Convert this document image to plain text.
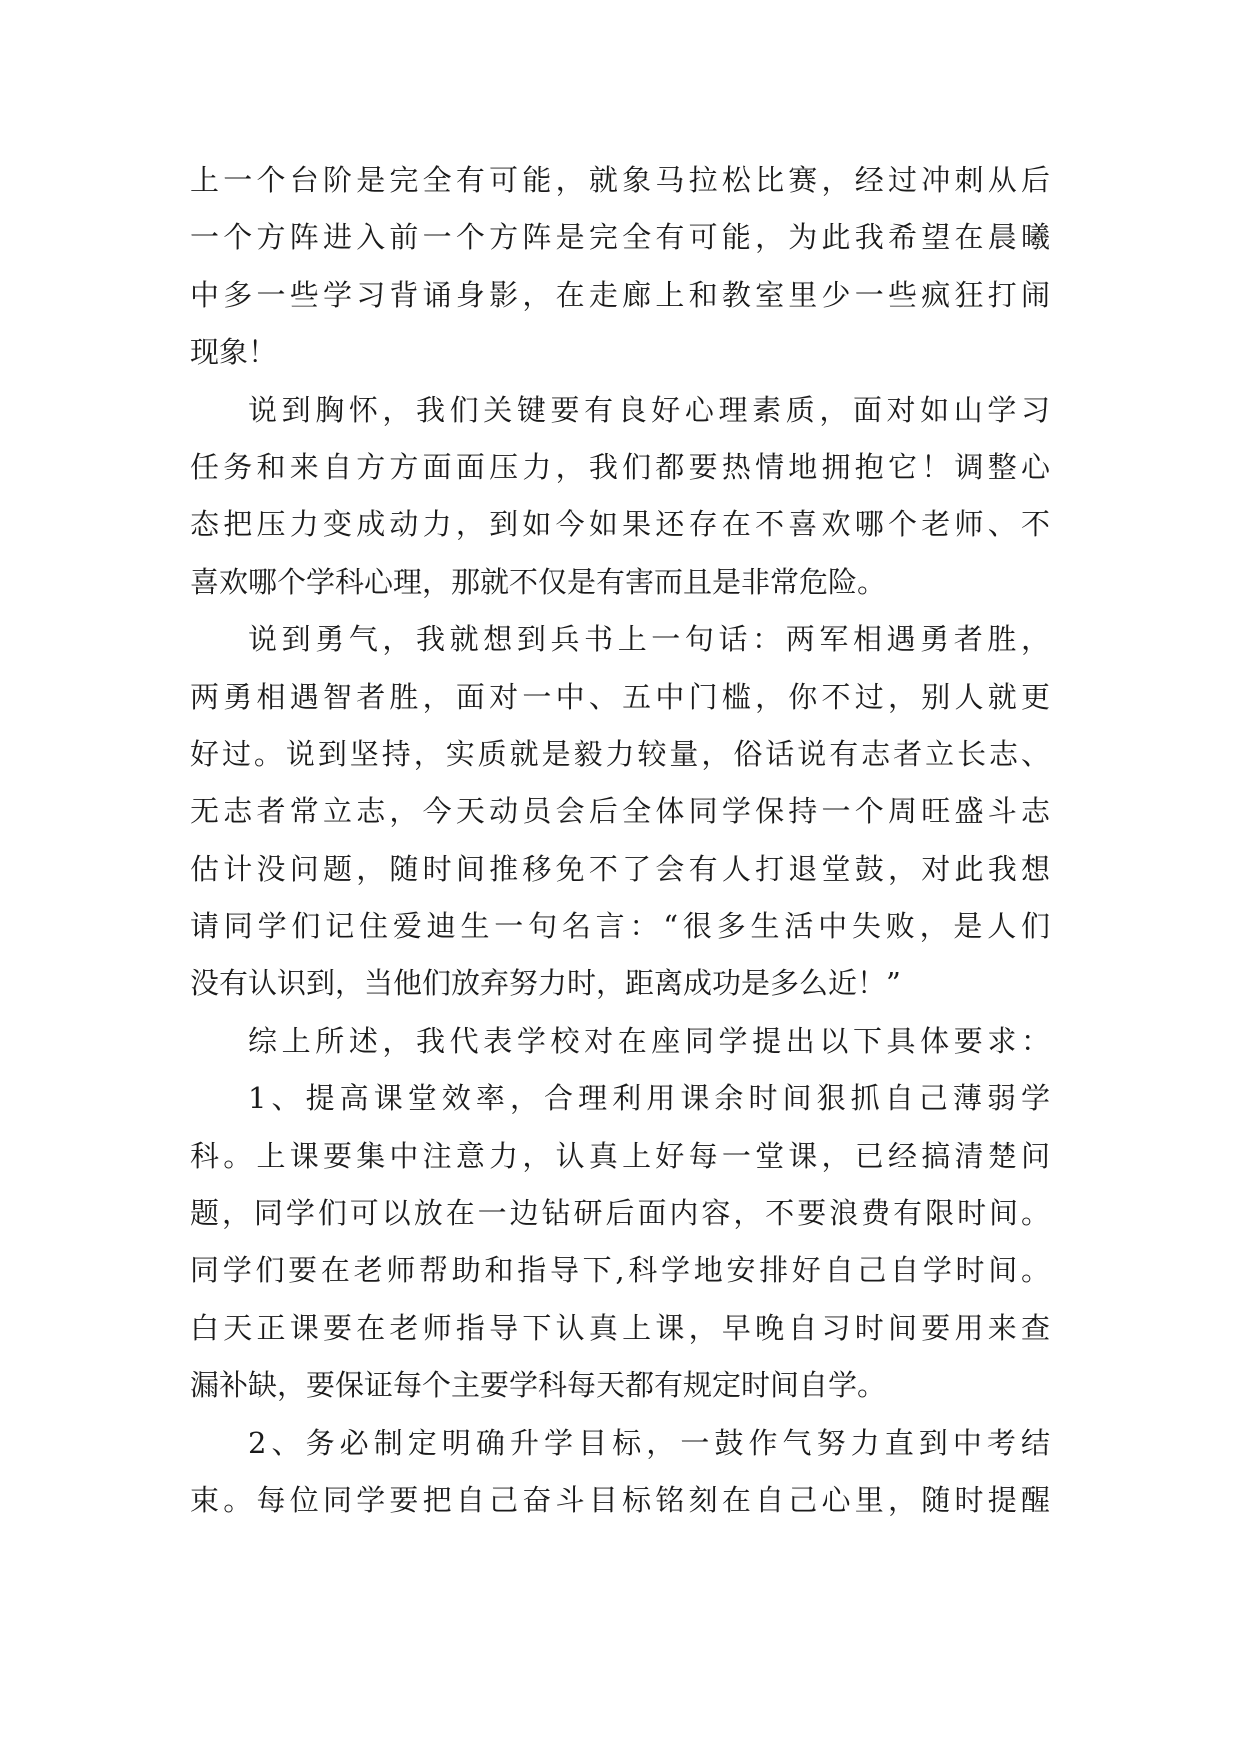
上一个台阶是完全有可能，就象马拉松比赛，经过冲刺从后
一个方阵进入前一个方阵是完全有可能，为此我希望在晨曦
中多一些学习背诵身影，在走廊上和教室里少一些疯狂打闹
现象！
说到胸怀，我们关键要有良好心理素质，面对如山学习
任务和来自方方面面压力，我们都要热情地拥抱它！调整心
态把压力变成动力，到如今如果还存在不喜欢哪个老师、不
喜欢哪个学科心理，那就不仅是有害而且是非常危险。
说到勇气，我就想到兵书上一句话：两军相遇勇者胜，
两勇相遇智者胜，面对一中、五中门槛，你不过，别人就更
好过。说到坚持，实质就是毅力较量，俗话说有志者立长志、
无志者常立志，今天动员会后全体同学保持一个周旺盛斗志
估计没问题，随时间推移免不了会有人打退堂鼓，对此我想
请同学们记住爱迪生一句名言：“很多生活中失败，是人们
没有认识到，当他们放弃努力时，距离成功是多么近！”
综上所述，我代表学校对在座同学提出以下具体要求：
1、提高课堂效率，合理利用课余时间狠抓自己薄弱学
科。上课要集中注意力，认真上好每一堂课，已经搞清楚问
题，同学们可以放在一边钻研后面内容，不要浪费有限时间。
同学们要在老师帮助和指导下,科学地安排好自己自学时间。
白天正课要在老师指导下认真上课，早晚自习时间要用来查
漏补缺，要保证每个主要学科每天都有规定时间自学。
2、务必制定明确升学目标，一鼓作气努力直到中考结
束。每位同学要把自己奋斗目标铭刻在自己心里，随时提醒
